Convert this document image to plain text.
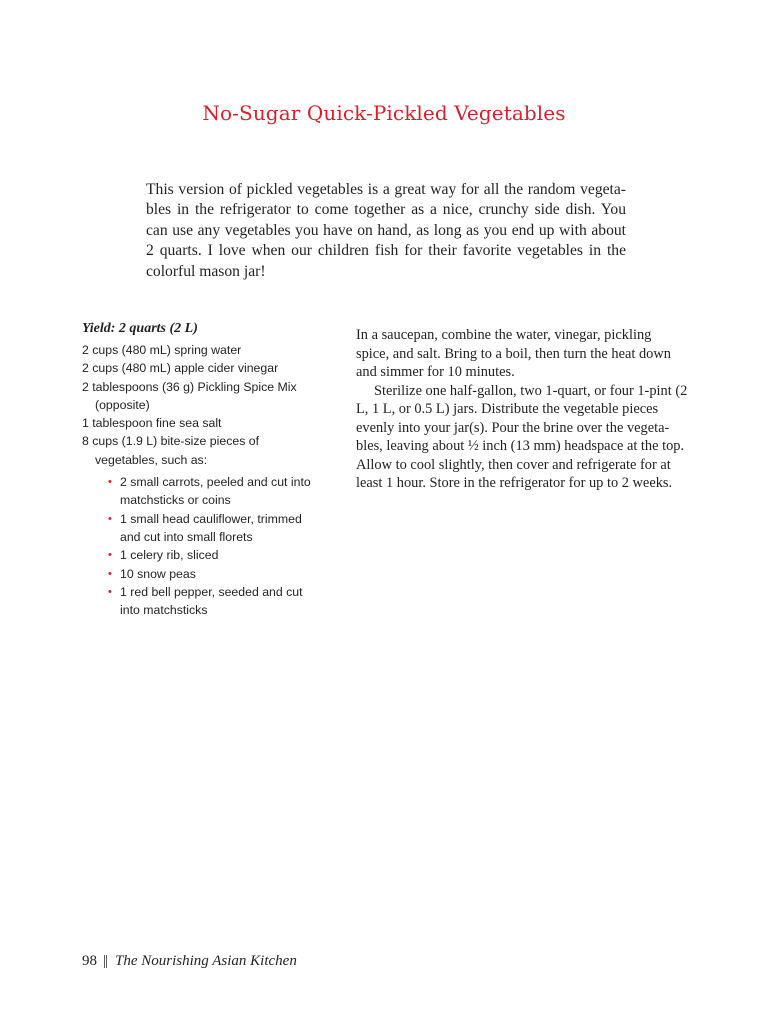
No-Sugar Quick-Pickled Vegetables

This version of pickled vegetables is a great way for all the random vegeta-bles in the refrigerator to come together as a nice, crunchy side dish. You can use any vegetables you have on hand, as long as you end up with about 2 quarts. I love when our children fish for their favorite vegetables in the colorful mason jar!

Yield: 2 quarts (2 L)

2 cups (480 mL) spring water
2 cups (480 mL) apple cider vinegar
2 tablespoons (36 g) Pickling Spice Mix (opposite)
1 tablespoon fine sea salt
8 cups (1.9 L) bite-size pieces of vegetables, such as:
• 2 small carrots, peeled and cut into matchsticks or coins
• 1 small head cauliflower, trimmed and cut into small florets
• 1 celery rib, sliced
• 10 snow peas
• 1 red bell pepper, seeded and cut into matchsticks

In a saucepan, combine the water, vinegar, pickling spice, and salt. Bring to a boil, then turn the heat down and simmer for 10 minutes.

Sterilize one half-gallon, two 1-quart, or four 1-pint (2 L, 1 L, or 0.5 L) jars. Distribute the vegetable pieces evenly into your jar(s). Pour the brine over the vegeta-bles, leaving about ½ inch (13 mm) headspace at the top. Allow to cool slightly, then cover and refrigerate for at least 1 hour. Store in the refrigerator for up to 2 weeks.

98 || The Nourishing Asian Kitchen
